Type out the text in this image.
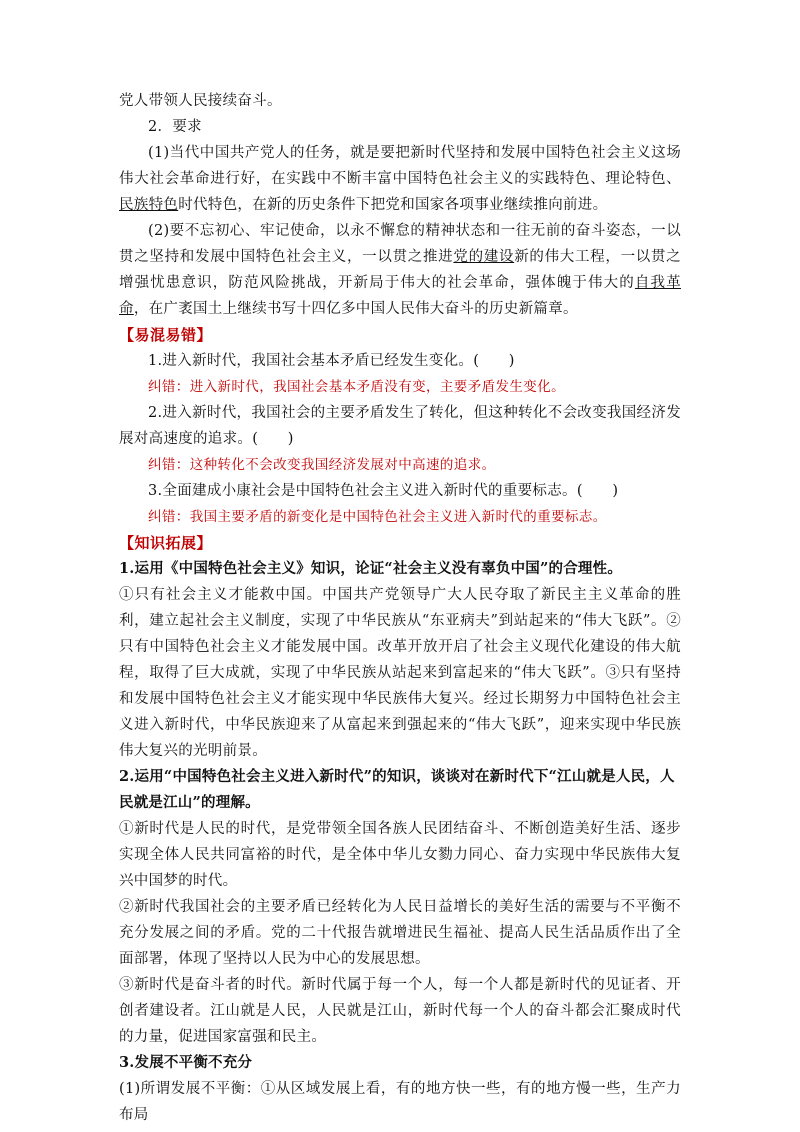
党人带领人民接续奋斗。

2．要求

(1)当代中国共产党人的任务，就是要把新时代坚持和发展中国特色社会主义这场伟大社会革命进行好，在实践中不断丰富中国特色社会主义的实践特色、理论特色、民族特色时代特色，在新的历史条件下把党和国家各项事业继续推向前进。

(2)要不忘初心、牢记使命，以永不懈怠的精神状态和一往无前的奋斗姿态，一以贯之坚持和发展中国特色社会主义，一以贯之推进党的建设新的伟大工程，一以贯之增强忧患意识，防范风险挑战，开新局于伟大的社会革命，强体魄于伟大的自我革命，在广袤国土上继续书写十四亿多中国人民伟大奋斗的历史新篇章。

【易混易错】

1.进入新时代，我国社会基本矛盾已经发生变化。(　　)

纠错：进入新时代，我国社会基本矛盾没有变，主要矛盾发生变化。

2.进入新时代，我国社会的主要矛盾发生了转化，但这种转化不会改变我国经济发展对高速度的追求。(　　)

纠错：这种转化不会改变我国经济发展对中高速的追求。

3.全面建成小康社会是中国特色社会主义进入新时代的重要标志。(　　)

纠错：我国主要矛盾的新变化是中国特色社会主义进入新时代的重要标志。

【知识拓展】

1.运用《中国特色社会主义》知识，论证“社会主义没有辜负中国”的合理性。

①只有社会主义才能救中国。中国共产党领导广大人民夺取了新民主主义革命的胜利，建立起社会主义制度，实现了中华民族从“东亚病夫”到站起来的“伟大飞跃”。②只有中国特色社会主义才能发展中国。改革开放开启了社会主义现代化建设的伟大航程，取得了巨大成就，实现了中华民族从站起来到富起来的“伟大飞跃”。③只有坚持和发展中国特色社会主义才能实现中华民族伟大复兴。经过长期努力中国特色社会主义进入新时代，中华民族迎来了从富起来到强起来的“伟大飞跃”，迎来实现中华民族伟大复兴的光明前景。

2.运用“中国特色社会主义进入新时代”的知识，谈谈对在新时代下“江山就是人民，人民就是江山”的理解。

①新时代是人民的时代，是党带领全国各族人民团结奋斗、不断创造美好生活、逐步实现全体人民共同富裕的时代，是全体中华儿女勠力同心、奋力实现中华民族伟大复兴中国梦的时代。

②新时代我国社会的主要矛盾已经转化为人民日益增长的美好生活的需要与不平衡不充分发展之间的矛盾。党的二十代报告就增进民生福祉、提高人民生活品质作出了全面部署，体现了坚持以人民为中心的发展思想。

③新时代是奋斗者的时代。新时代属于每一个人，每一个人都是新时代的见证者、开创者建设者。江山就是人民，人民就是江山，新时代每一个人的奋斗都会汇聚成时代的力量，促进国家富强和民主。

3.发展不平衡不充分

(1)所谓发展不平衡：①从区域发展上看，有的地方快一些，有的地方慢一些，生产力布局
